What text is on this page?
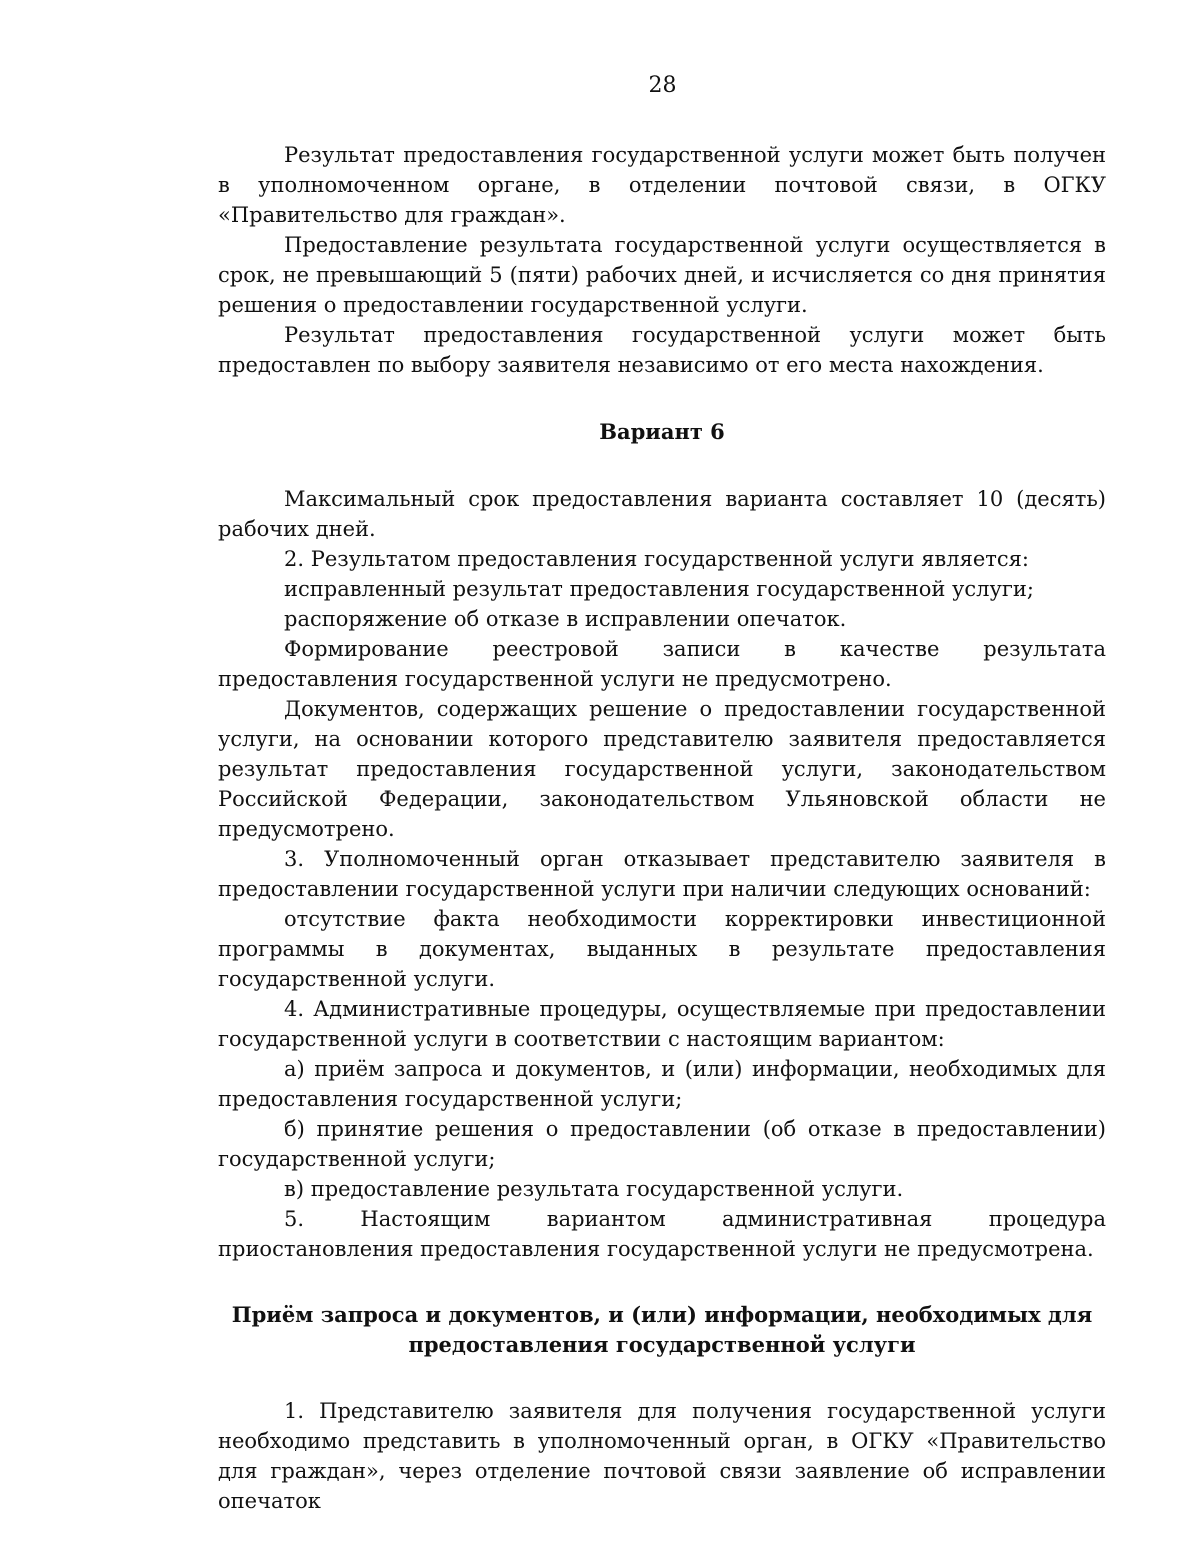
28

Результат предоставления государственной услуги может быть получен в уполномоченном органе, в отделении почтовой связи, в ОГКУ «Правительство для граждан».

Предоставление результата государственной услуги осуществляется в срок, не превышающий 5 (пяти) рабочих дней, и исчисляется со дня принятия решения о предоставлении государственной услуги.

Результат предоставления государственной услуги может быть предоставлен по выбору заявителя независимо от его места нахождения.

Вариант 6

Максимальный срок предоставления варианта составляет 10 (десять) рабочих дней.

2. Результатом предоставления государственной услуги является:

исправленный результат предоставления государственной услуги;

распоряжение об отказе в исправлении опечаток.

Формирование реестровой записи в качестве результата предоставления государственной услуги не предусмотрено.

Документов, содержащих решение о предоставлении государственной услуги, на основании которого представителю заявителя предоставляется результат предоставления государственной услуги, законодательством Российской Федерации, законодательством Ульяновской области не предусмотрено.

3. Уполномоченный орган отказывает представителю заявителя в предоставлении государственной услуги при наличии следующих оснований:

отсутствие факта необходимости корректировки инвестиционной программы в документах, выданных в результате предоставления государственной услуги.

4. Административные процедуры, осуществляемые при предоставлении государственной услуги в соответствии с настоящим вариантом:

а) приём запроса и документов, и (или) информации, необходимых для предоставления государственной услуги;

б) принятие решения о предоставлении (об отказе в предоставлении) государственной услуги;

в) предоставление результата государственной услуги.

5. Настоящим вариантом административная процедура приостановления предоставления государственной услуги не предусмотрена.

Приём запроса и документов, и (или) информации, необходимых для
предоставления государственной услуги

1. Представителю заявителя для получения государственной услуги необходимо представить в уполномоченный орган, в ОГКУ «Правительство для граждан», через отделение почтовой связи заявление об исправлении опечаток
